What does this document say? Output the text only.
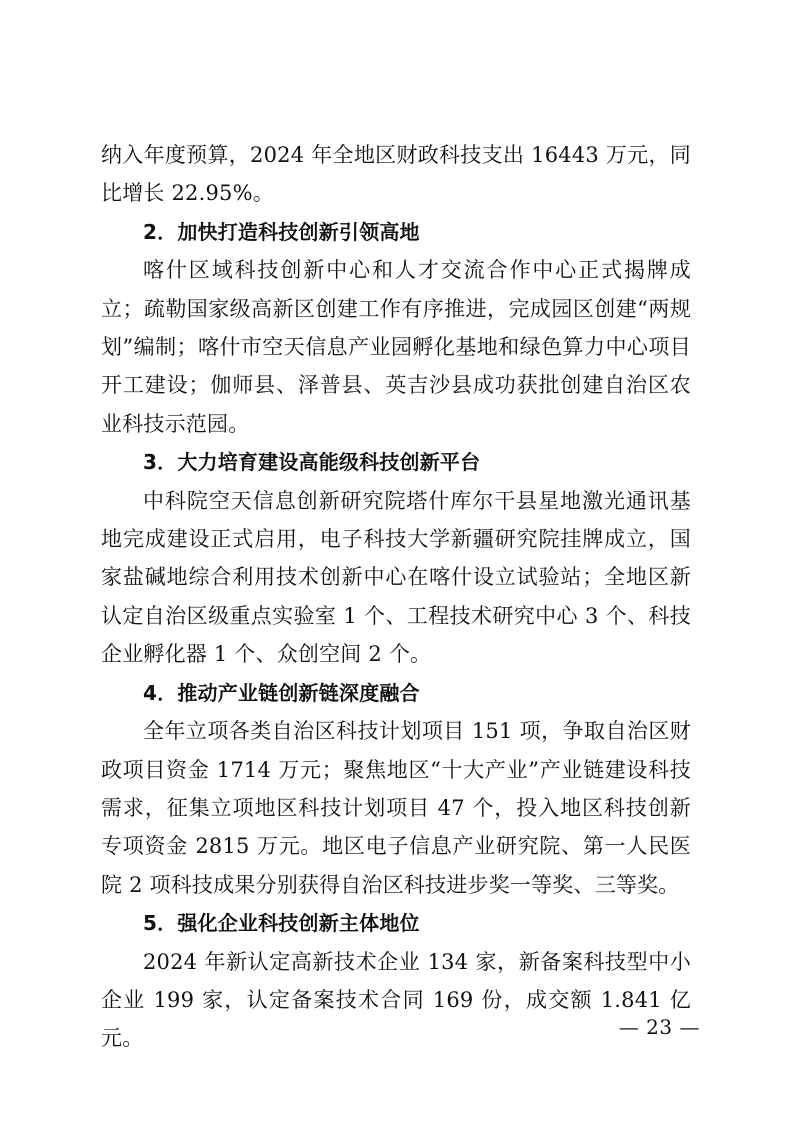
纳入年度预算，2024 年全地区财政科技支出 16443 万元，同比增长 22.95%。

2．加快打造科技创新引领高地

喀什区域科技创新中心和人才交流合作中心正式揭牌成立；疏勒国家级高新区创建工作有序推进，完成园区创建“两规划”编制；喀什市空天信息产业园孵化基地和绿色算力中心项目开工建设；伽师县、泽普县、英吉沙县成功获批创建自治区农业科技示范园。

3．大力培育建设高能级科技创新平台

中科院空天信息创新研究院塔什库尔干县星地激光通讯基地完成建设正式启用，电子科技大学新疆研究院挂牌成立，国家盐碱地综合利用技术创新中心在喀什设立试验站；全地区新认定自治区级重点实验室 1 个、工程技术研究中心 3 个、科技企业孵化器 1 个、众创空间 2 个。

4．推动产业链创新链深度融合

全年立项各类自治区科技计划项目 151 项，争取自治区财政项目资金 1714 万元；聚焦地区“十大产业”产业链建设科技需求，征集立项地区科技计划项目 47 个，投入地区科技创新专项资金 2815 万元。地区电子信息产业研究院、第一人民医院 2 项科技成果分别获得自治区科技进步奖一等奖、三等奖。

5．强化企业科技创新主体地位

2024 年新认定高新技术企业 134 家，新备案科技型中小企业 199 家，认定备案技术合同 169 份，成交额 1.841 亿元。	— 23 —
